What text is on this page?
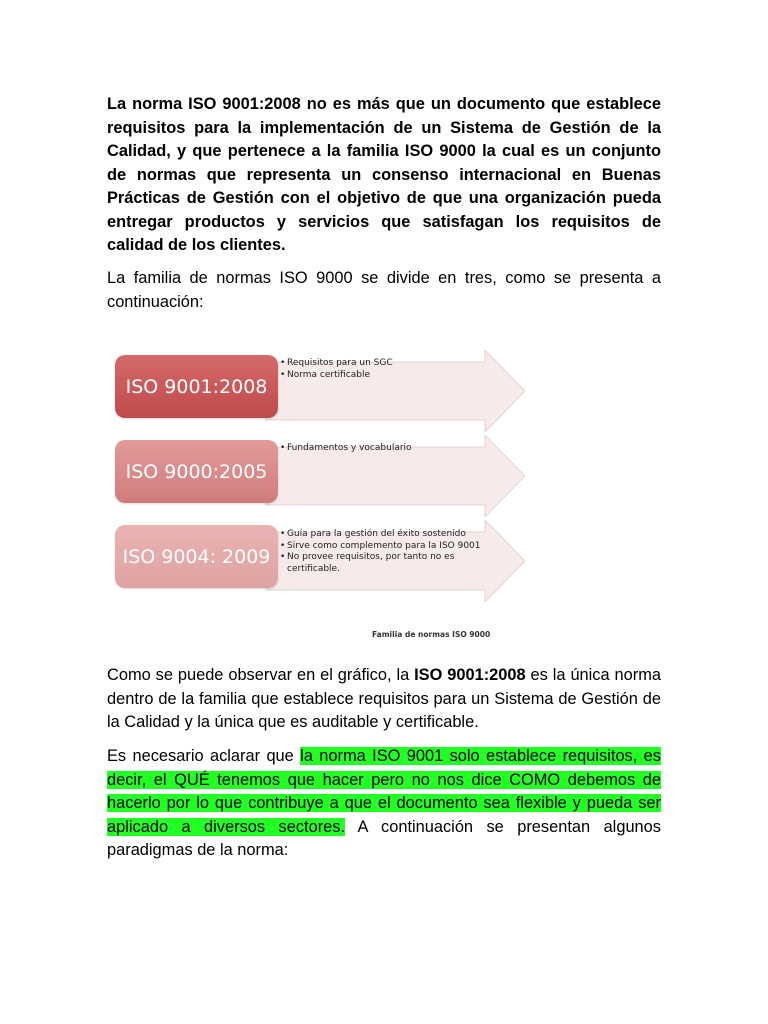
La norma ISO 9001:2008 no es más que un documento que establece requisitos para la implementación de un Sistema de Gestión de la Calidad, y que pertenece a la familia ISO 9000 la cual es un conjunto de normas que representa un consenso internacional en Buenas Prácticas de Gestión con el objetivo de que una organización pueda entregar productos y servicios que satisfagan los requisitos de calidad de los clientes.

La familia de normas ISO 9000 se divide en tres, como se presenta a continuación:

ISO 9001:2008
• Requisitos para un SGC
• Norma certificable
ISO 9000:2005
• Fundamentos y vocabulario
ISO 9004: 2009
• Guía para la gestión del éxito sostenido
• Sirve como complemento para la ISO 9001
• No provee requisitos, por tanto no es certificable.
Familia de normas ISO 9000

Como se puede observar en el gráfico, la ISO 9001:2008 es la única norma dentro de la familia que establece requisitos para un Sistema de Gestión de la Calidad y la única que es auditable y certificable.

Es necesario aclarar que la norma ISO 9001 solo establece requisitos, es decir, el QUÉ tenemos que hacer pero no nos dice COMO debemos de hacerlo por lo que contribuye a que el documento sea flexible y pueda ser aplicado a diversos sectores. A continuación se presentan algunos paradigmas de la norma:
